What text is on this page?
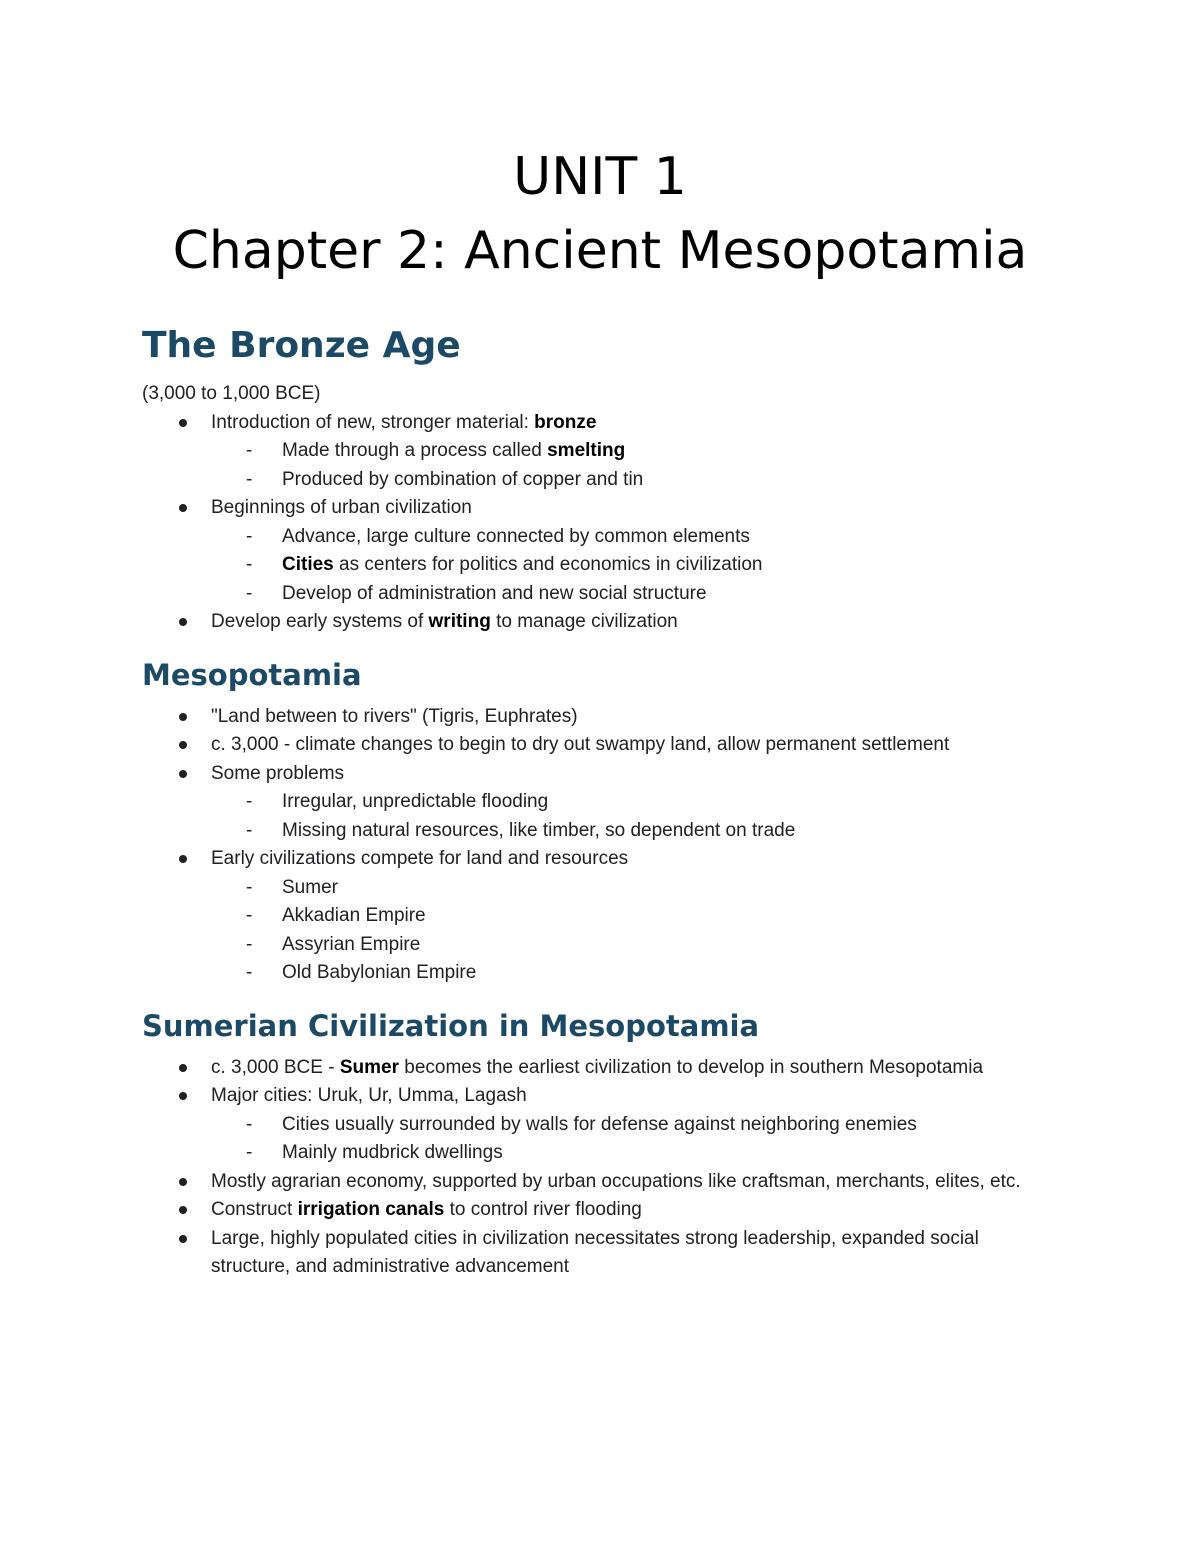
UNIT 1

Chapter 2: Ancient Mesopotamia

The Bronze Age

(3,000 to 1,000 BCE)

Introduction of new, stronger material: bronze
-	Made through a process called smelting
-	Produced by combination of copper and tin
Beginnings of urban civilization
-	Advance, large culture connected by common elements
-	Cities as centers for politics and economics in civilization
-	Develop of administration and new social structure
Develop early systems of writing to manage civilization
Mesopotamia
"Land between to rivers" (Tigris, Euphrates)
c. 3,000 - climate changes to begin to dry out swampy land, allow permanent settlement
Some problems
-	Irregular, unpredictable flooding
-	Missing natural resources, like timber, so dependent on trade
Early civilizations compete for land and resources
-	Sumer
-	Akkadian Empire
-	Assyrian Empire
-	Old Babylonian Empire
Sumerian Civilization in Mesopotamia
c. 3,000 BCE - Sumer becomes the earliest civilization to develop in southern Mesopotamia
Major cities: Uruk, Ur, Umma, Lagash
-	Cities usually surrounded by walls for defense against neighboring enemies
-	Mainly mudbrick dwellings
Mostly agrarian economy, supported by urban occupations like craftsman, merchants, elites, etc.
Construct irrigation canals to control river flooding
Large, highly populated cities in civilization necessitates strong leadership, expanded social structure, and administrative advancement
